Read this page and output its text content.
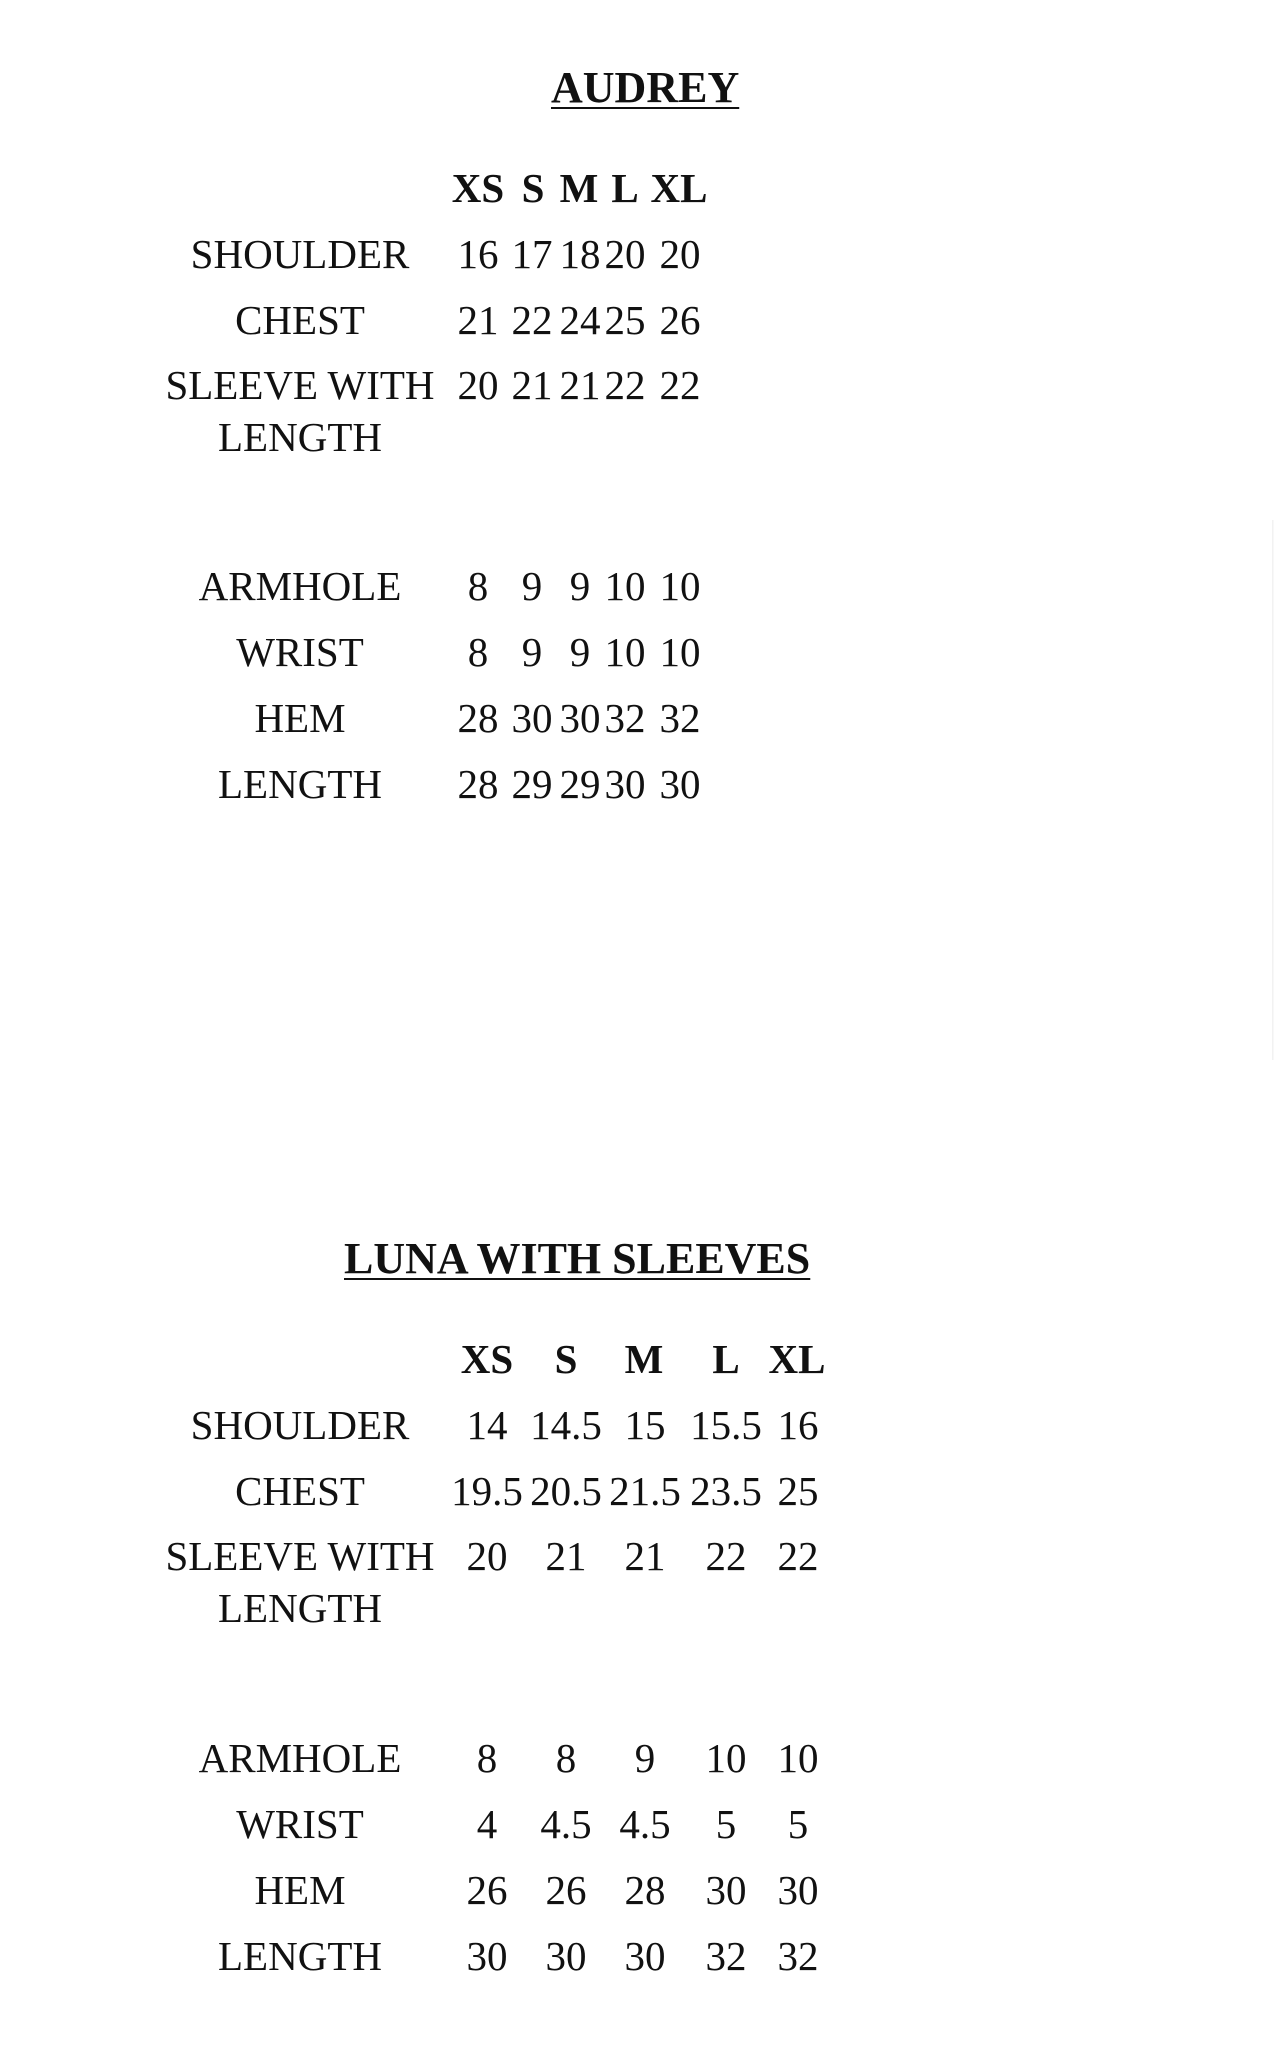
AUDREY
XS S M L XL
SHOULDER	16 17 18 20 20
CHEST	21 22 24 25 26
SLEEVE WITH
LENGTH
20 21 21 22 22
ARMHOLE	8 9 9 10 10
WRIST	8 9 9 10 10
HEM	28 30 30 32 32
LENGTH	28 29 29 30 30
LUNA WITH SLEEVES
XS S M L XL
SHOULDER	14 14.5 15 15.5 16
CHEST	19.5 20.5 21.5 23.5 25
SLEEVE WITH
LENGTH
20 21 21 22 22
ARMHOLE	8	8	9	10 10
WRIST	4	4.5 4.5	5	5
HEM	26 26 28 30 30
LENGTH	30 30 30 32 32
